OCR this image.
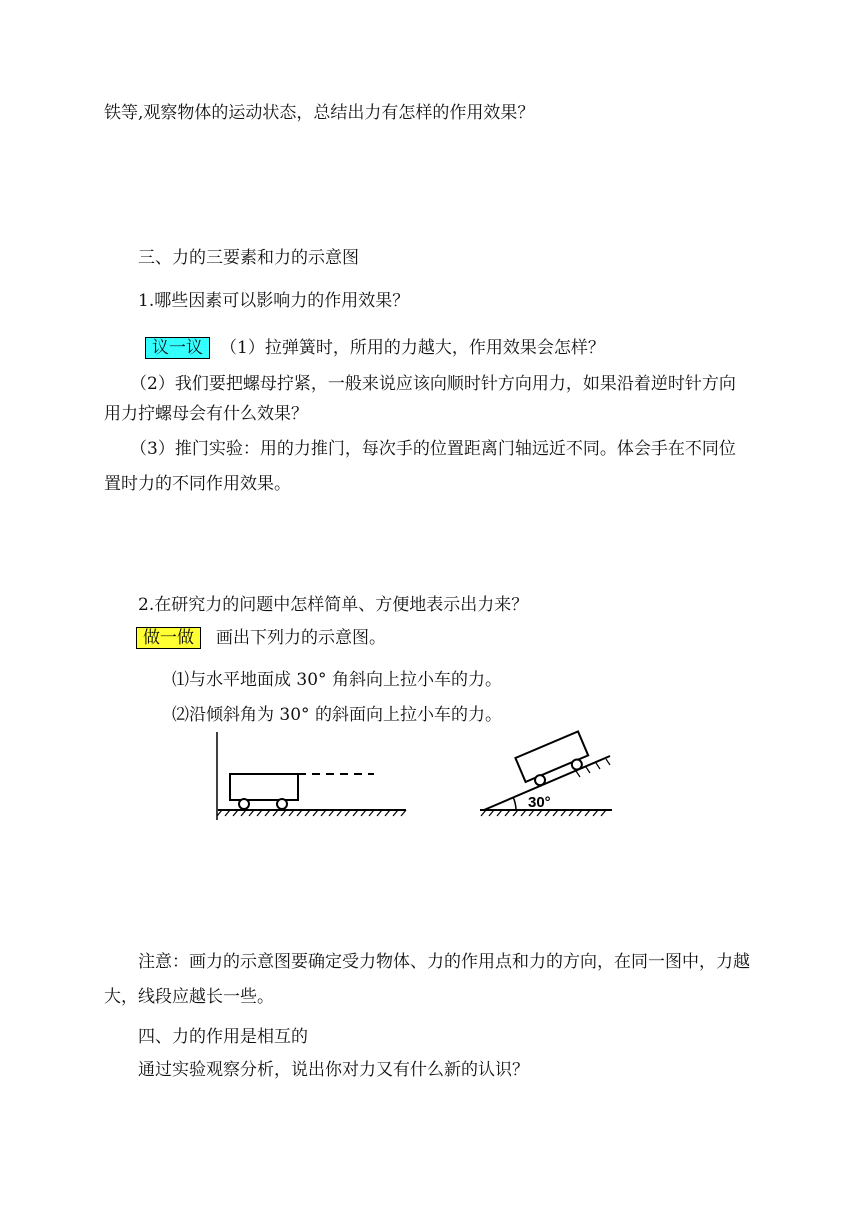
铁等,观察物体的运动状态，总结出力有怎样的作用效果？
三、力的三要素和力的示意图
1.哪些因素可以影响力的作用效果？
议一议	（1）拉弹簧时，所用的力越大，作用效果会怎样？
（2）我们要把螺母拧紧，一般来说应该向顺时针方向用力，如果沿着逆时针方向
用力拧螺母会有什么效果？
（3）推门实验：用的力推门，每次手的位置距离门轴远近不同。体会手在不同位
置时力的不同作用效果。
2.在研究力的问题中怎样简单、方便地表示出力来？
做一做	画出下列力的示意图。
⑴与水平地面成 30° 角斜向上拉小车的力。
⑵沿倾斜角为 30° 的斜面向上拉小车的力。
30°
注意：画力的示意图要确定受力物体、力的作用点和力的方向，在同一图中，力越
大，线段应越长一些。
四、力的作用是相互的
通过实验观察分析，说出你对力又有什么新的认识？
